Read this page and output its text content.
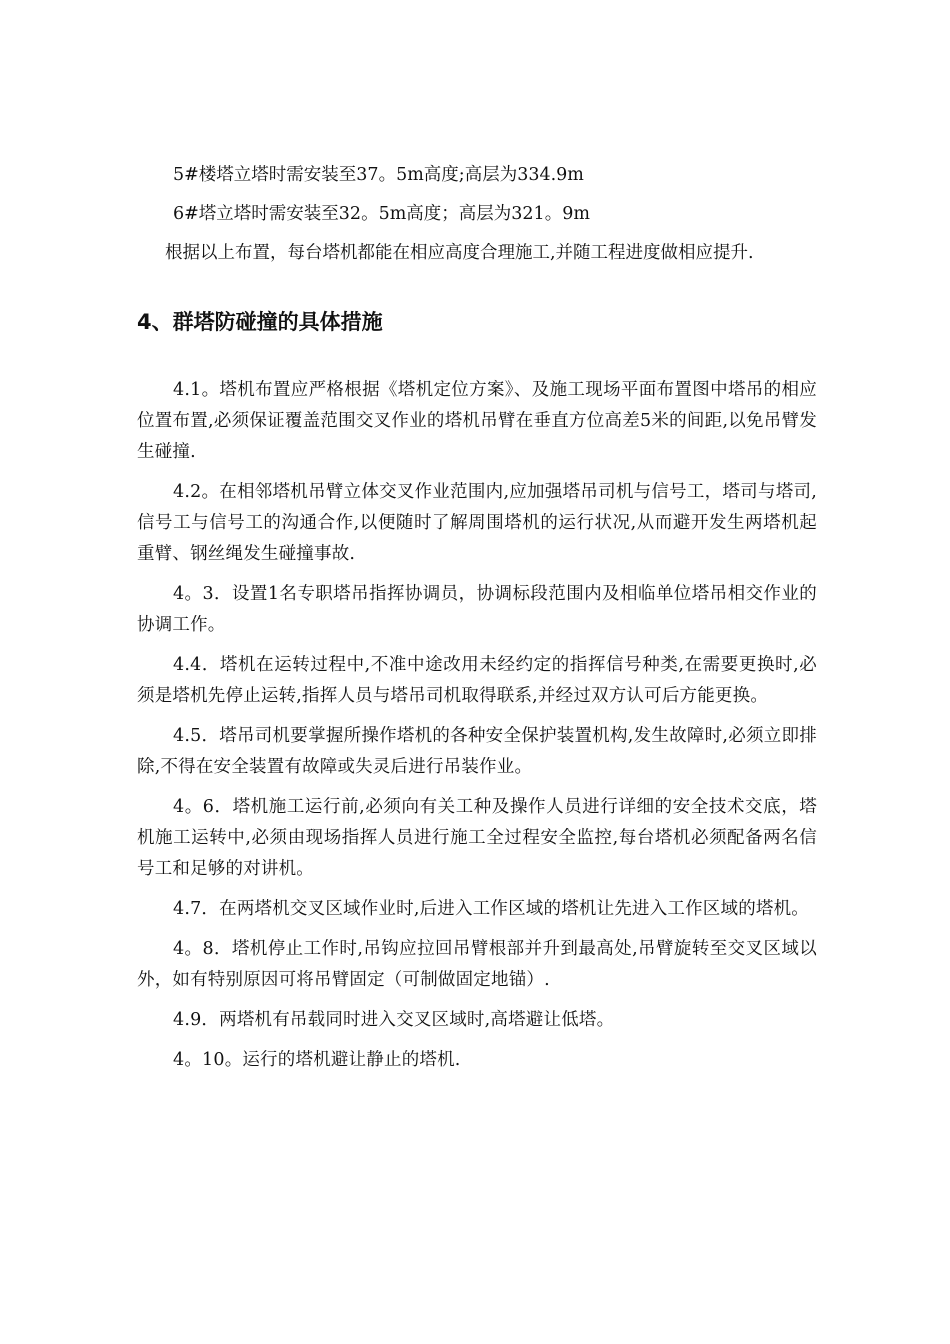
5#楼塔立塔时需安装至37。5m高度;高层为334.9m

6#塔立塔时需安装至32。5m高度；高层为321。9m

根据以上布置，每台塔机都能在相应高度合理施工,并随工程进度做相应提升.

4、群塔防碰撞的具体措施

4.1。塔机布置应严格根据《塔机定位方案》、及施工现场平面布置图中塔吊的相应位置布置,必须保证覆盖范围交叉作业的塔机吊臂在垂直方位高差5米的间距,以免吊臂发生碰撞.

4.2。在相邻塔机吊臂立体交叉作业范围内,应加强塔吊司机与信号工，塔司与塔司,信号工与信号工的沟通合作,以便随时了解周围塔机的运行状况,从而避开发生两塔机起重臂、钢丝绳发生碰撞事故.

4。3．设置1名专职塔吊指挥协调员，协调标段范围内及相临单位塔吊相交作业的协调工作。

4.4．塔机在运转过程中,不准中途改用未经约定的指挥信号种类,在需要更换时,必须是塔机先停止运转,指挥人员与塔吊司机取得联系,并经过双方认可后方能更换。

4.5．塔吊司机要掌握所操作塔机的各种安全保护装置机构,发生故障时,必须立即排除,不得在安全装置有故障或失灵后进行吊装作业。

4。6．塔机施工运行前,必须向有关工种及操作人员进行详细的安全技术交底，塔机施工运转中,必须由现场指挥人员进行施工全过程安全监控,每台塔机必须配备两名信号工和足够的对讲机。

4.7．在两塔机交叉区域作业时,后进入工作区域的塔机让先进入工作区域的塔机。

4。8．塔机停止工作时,吊钩应拉回吊臂根部并升到最高处,吊臂旋转至交叉区域以外，如有特别原因可将吊臂固定（可制做固定地锚）.

4.9．两塔机有吊载同时进入交叉区域时,高塔避让低塔。

4。10。运行的塔机避让静止的塔机.
